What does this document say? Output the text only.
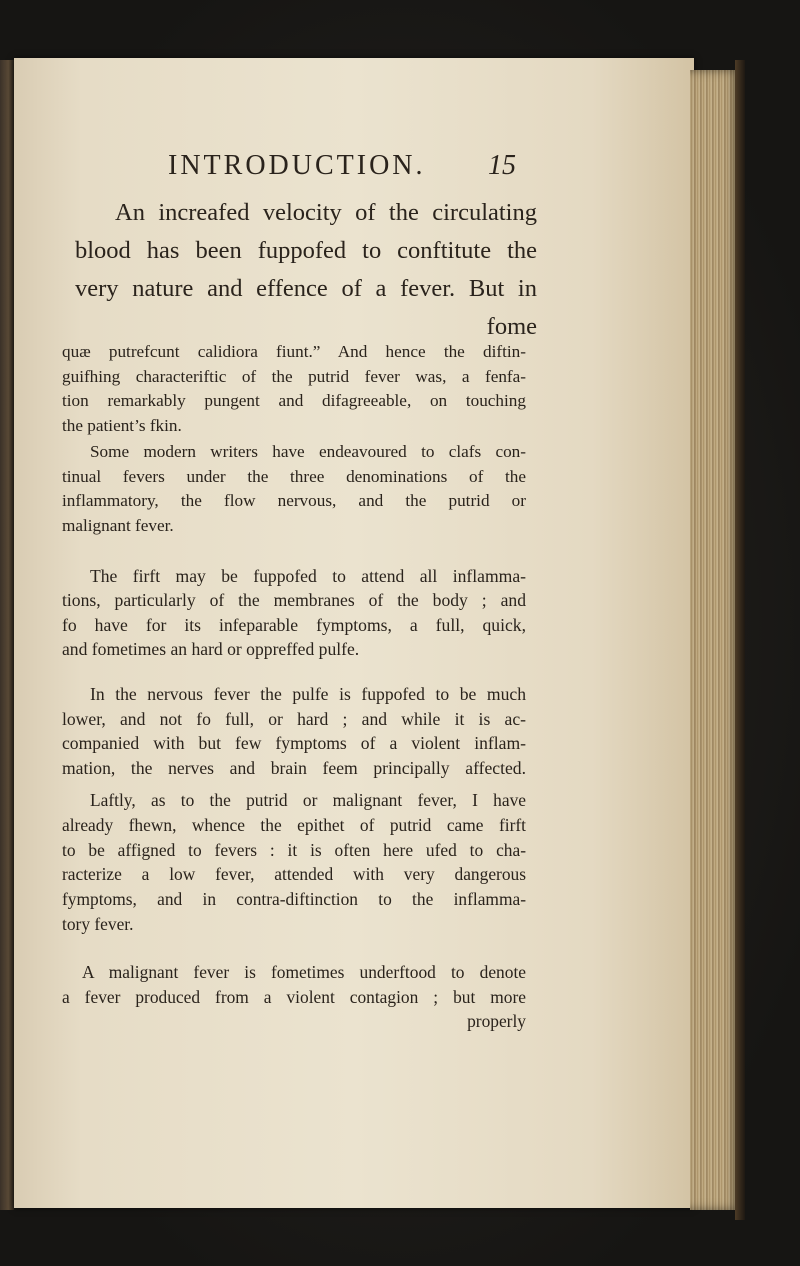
INTRODUCTION.	15
An increafed velocity of the circulating
blood has been fuppofed to conftitute the
very nature and effence of a fever. But in
fome
quæ putrefcunt calidiora fiunt.” And hence the diftin-
guifhing characteriftic of the putrid fever was, a fenfa-
tion remarkably pungent and difagreeable, on touching
the patient’s fkin.
Some modern writers have endeavoured to clafs con-
tinual fevers under the three denominations of the
inflammatory, the flow nervous, and the putrid or
malignant fever.
The firft may be fuppofed to attend all inflamma-
tions, particularly of the membranes of the body ; and
fo have for its infeparable fymptoms, a full, quick,
and fometimes an hard or oppreffed pulfe.
In the nervous fever the pulfe is fuppofed to be much
lower, and not fo full, or hard ; and while it is ac-
companied with but few fymptoms of a violent inflam-
mation, the nerves and brain feem principally affected.
Laftly, as to the putrid or malignant fever, I have
already fhewn, whence the epithet of putrid came firft
to be affigned to fevers : it is often here ufed to cha-
racterize a low fever, attended with very dangerous
fymptoms, and in contra-diftinction to the inflamma-
tory fever.
A malignant fever is fometimes underftood to denote
a fever produced from a violent contagion ; but more
properly
